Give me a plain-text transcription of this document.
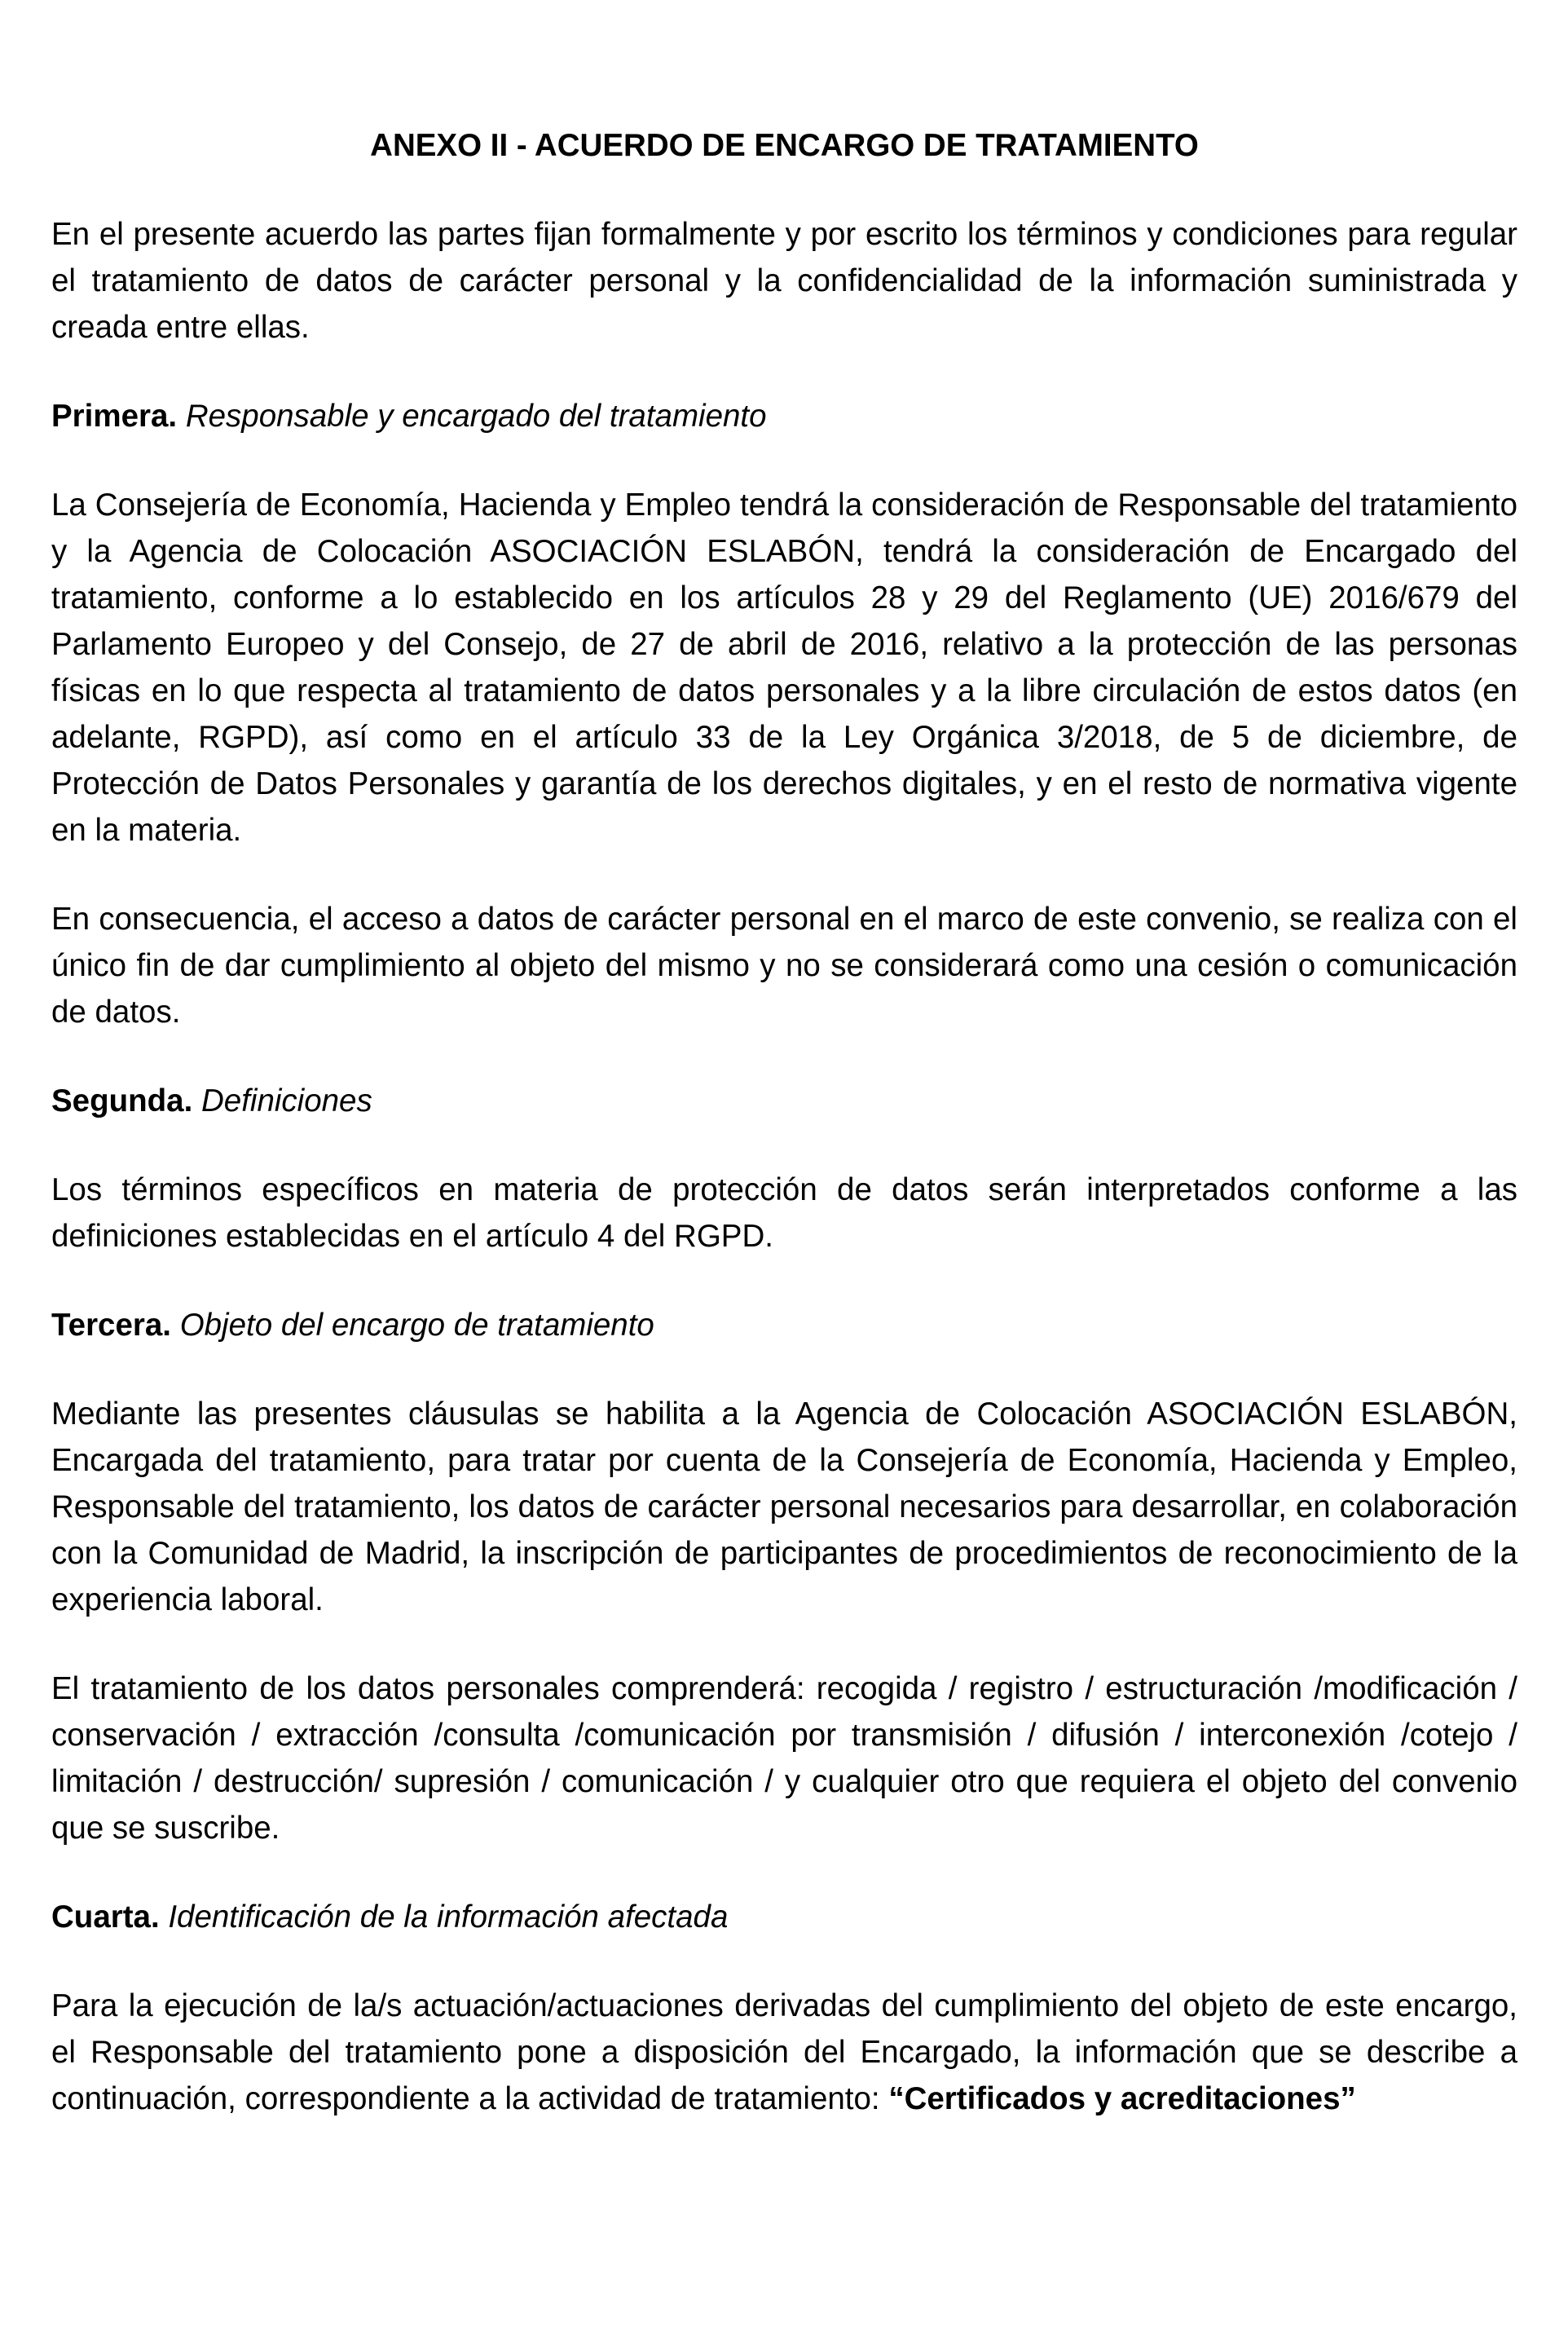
ANEXO II - ACUERDO DE ENCARGO DE TRATAMIENTO

En el presente acuerdo las partes fijan formalmente y por escrito los términos y condiciones para regular el tratamiento de datos de carácter personal y la confidencialidad de la información suministrada y creada entre ellas.

Primera. Responsable y encargado del tratamiento

La Consejería de Economía, Hacienda y Empleo tendrá la consideración de Responsable del tratamiento y la Agencia de Colocación ASOCIACIÓN ESLABÓN, tendrá la consideración de Encargado del tratamiento, conforme a lo establecido en los artículos 28 y 29 del Reglamento (UE) 2016/679 del Parlamento Europeo y del Consejo, de 27 de abril de 2016, relativo a la protección de las personas físicas en lo que respecta al tratamiento de datos personales y a la libre circulación de estos datos (en adelante, RGPD), así como en el artículo 33 de la Ley Orgánica 3/2018, de 5 de diciembre, de Protección de Datos Personales y garantía de los derechos digitales, y en el resto de normativa vigente en la materia.

En consecuencia, el acceso a datos de carácter personal en el marco de este convenio, se realiza con el único fin de dar cumplimiento al objeto del mismo y no se considerará como una cesión o comunicación de datos.

Segunda. Definiciones

Los términos específicos en materia de protección de datos serán interpretados conforme a las definiciones establecidas en el artículo 4 del RGPD.

Tercera. Objeto del encargo de tratamiento

Mediante las presentes cláusulas se habilita a la Agencia de Colocación ASOCIACIÓN ESLABÓN, Encargada del tratamiento, para tratar por cuenta de la Consejería de Economía, Hacienda y Empleo, Responsable del tratamiento, los datos de carácter personal necesarios para desarrollar, en colaboración con la Comunidad de Madrid, la inscripción de participantes de procedimientos de reconocimiento de la experiencia laboral.

El tratamiento de los datos personales comprenderá: recogida / registro / estructuración /modificación / conservación / extracción /consulta /comunicación por transmisión / difusión / interconexión /cotejo / limitación / destrucción/ supresión / comunicación / y cualquier otro que requiera el objeto del convenio que se suscribe.

Cuarta. Identificación de la información afectada

Para la ejecución de la/s actuación/actuaciones derivadas del cumplimiento del objeto de este encargo, el Responsable del tratamiento pone a disposición del Encargado, la información que se describe a continuación, correspondiente a la actividad de tratamiento: “Certificados y acreditaciones”
